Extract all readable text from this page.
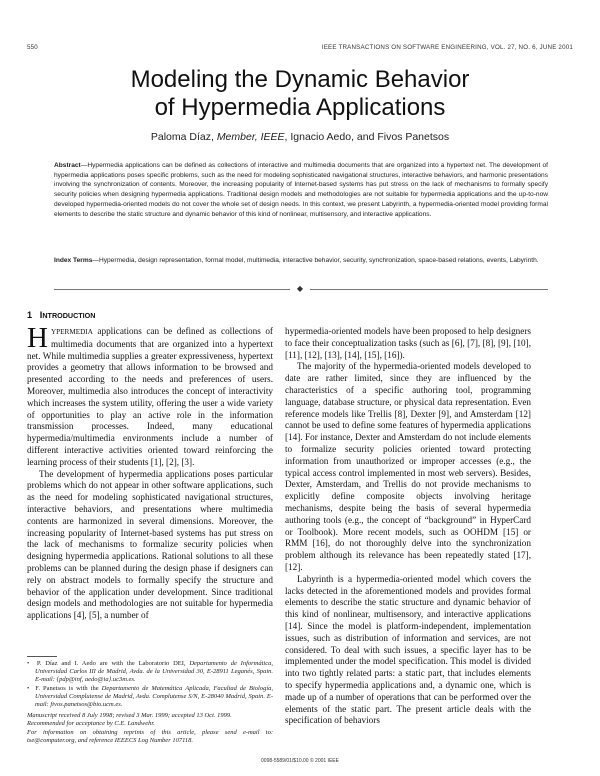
550	IEEE TRANSACTIONS ON SOFTWARE ENGINEERING, VOL. 27, NO. 6, JUNE 2001
Modeling the Dynamic Behavior
of Hypermedia Applications
Paloma Díaz, Member, IEEE, Ignacio Aedo, and Fivos Panetsos
Abstract—Hypermedia applications can be defined as collections of interactive and multimedia documents that are organized into a hypertext net. The development of hypermedia applications poses specific problems, such as the need for modeling sophisticated navigational structures, interactive behaviors, and harmonic presentations involving the synchronization of contents. Moreover, the increasing popularity of Internet-based systems has put stress on the lack of mechanisms to formally specify security policies when designing hypermedia applications. Traditional design models and methodologies are not suitable for hypermedia applications and the up-to-now developed hypermedia-oriented models do not cover the whole set of design needs. In this context, we present Labyrinth, a hypermedia-oriented model providing formal elements to describe the static structure and dynamic behavior of this kind of nonlinear, multisensory, and interactive applications.
Index Terms—Hypermedia, design representation, formal model, multimedia, interactive behavior, security, synchronization, space-based relations, events, Labyrinth.
◆
1 INTRODUCTION

HYPERMEDIA applications can be defined as collections of multimedia documents that are organized into a hypertext net. While multimedia supplies a greater expressiveness, hypertext provides a geometry that allows information to be browsed and presented according to the needs and preferences of users. Moreover, multimedia also introduces the concept of interactivity which increases the system utility, offering the user a wide variety of opportunities to play an active role in the information transmission processes. Indeed, many educational hypermedia/multimedia environments include a number of different interactive activities oriented toward reinforcing the learning process of their students [1], [2], [3].

The development of hypermedia applications poses particular problems which do not appear in other software applications, such as the need for modeling sophisticated navigational structures, interactive behaviors, and presentations where multimedia contents are harmonized in several dimensions. Moreover, the increasing popularity of Internet-based systems has put stress on the lack of mechanisms to formalize security policies when designing hypermedia applications. Rational solutions to all these problems can be planned during the design phase if designers can rely on abstract models to formally specify the structure and behavior of the application under development. Since traditional design models and methodologies are not suitable for hypermedia applications [4], [5], a number of

•  P. Díaz and I. Aedo are with the Laboratorio DEI, Departamento de Informática, Universidad Carlos III de Madrid, Avda. de la Universidad 30, E-28911 Leganés, Spain. E-mail: {pdp@inf, aedo@ia}.uc3m.es.
•  F. Panetsos is with the Departamento de Matemática Aplicada, Facultad de Biología, Universidad Complutense de Madrid, Avda. Complutense S/N, E-28040 Madrid, Spain. E-mail: fivos.panetsos@bio.ucm.es.
Manuscript received 8 July 1998; revised 3 Mar. 1999; accepted 13 Oct. 1999.
Recommended for acceptance by C.E. Landwehr.
For information on obtaining reprints of this article, please send e-mail to: tse@computer.org, and reference IEEECS Log Number 107118.

hypermedia-oriented models have been proposed to help designers to face their conceptualization tasks (such as [6], [7], [8], [9], [10], [11], [12], [13], [14], [15], [16]).

The majority of the hypermedia-oriented models developed to date are rather limited, since they are influenced by the characteristics of a specific authoring tool, programming language, database structure, or physical data representation. Even reference models like Trellis [8], Dexter [9], and Amsterdam [12] cannot be used to define some features of hypermedia applications [14]. For instance, Dexter and Amsterdam do not include elements to formalize security policies oriented toward protecting information from unauthorized or improper accesses (e.g., the typical access control implemented in most web servers). Besides, Dexter, Amsterdam, and Trellis do not provide mechanisms to explicitly define composite objects involving heritage mechanisms, despite being the basis of several hypermedia authoring tools (e.g., the concept of “background” in HyperCard or Toolbook). More recent models, such as OOHDM [15] or RMM [16], do not thoroughly delve into the synchronization problem although its relevance has been repeatedly stated [17], [12].

Labyrinth is a hypermedia-oriented model which covers the lacks detected in the aforementioned models and provides formal elements to describe the static structure and dynamic behavior of this kind of nonlinear, multisensory, and interactive applications [14]. Since the model is platform-independent, implementation issues, such as distribution of information and services, are not considered. To deal with such issues, a specific layer has to be implemented under the model specification. This model is divided into two tightly related parts: a static part, that includes elements to specify hypermedia applications and, a dynamic one, which is made up of a number of operations that can be performed over the elements of the static part. The present article deals with the specification of behaviors

0098-5589/01/$10.00 © 2001 IEEE
